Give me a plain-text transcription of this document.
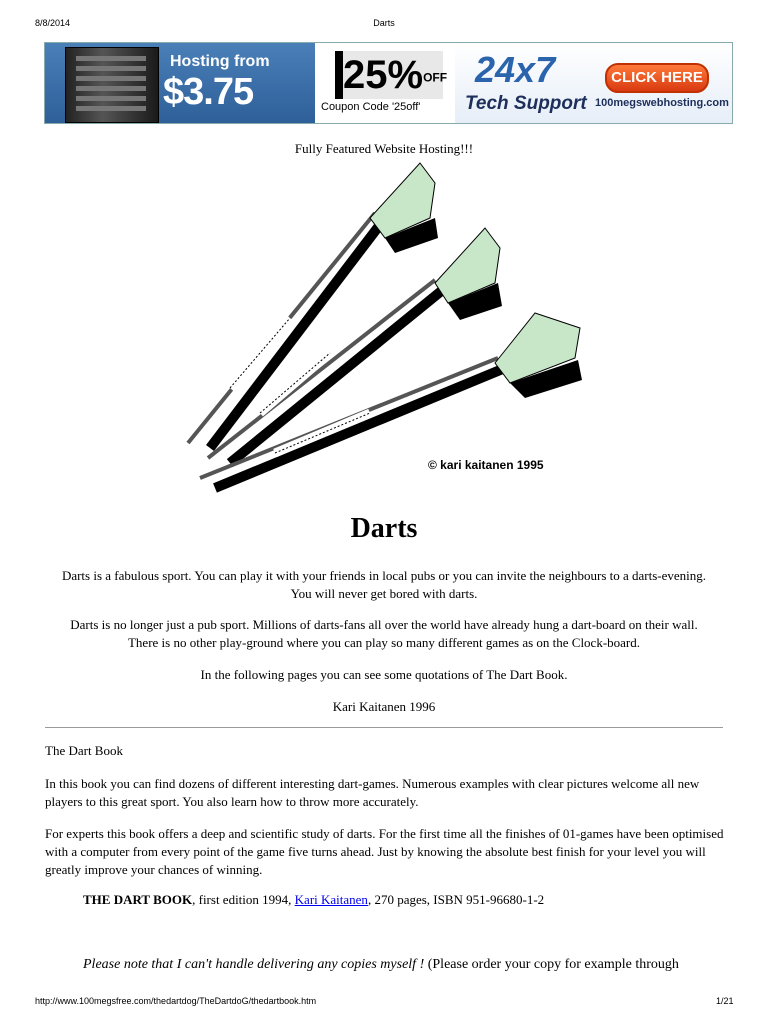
8/8/2014	Darts
Hosting from
$3.75 25%OFF
Coupon Code '25off'
24x7
Tech Support
CLICK HERE
100megswebhosting.com
Fully Featured Website Hosting!!!
© kari kaitanen 1995
Darts

Darts is a fabulous sport. You can play it with your friends in local pubs or you can invite the neighbours to a darts-evening. You will never get bored with darts.

Darts is no longer just a pub sport. Millions of darts-fans all over the world have already hung a dart-board on their wall. There is no other play-ground where you can play so many different games as on the Clock-board.

In the following pages you can see some quotations of The Dart Book.

Kari Kaitanen 1996

The Dart Book

In this book you can find dozens of different interesting dart-games. Numerous examples with clear pictures welcome all new players to this great sport. You also learn how to throw more accurately.

For experts this book offers a deep and scientific study of darts. For the first time all the finishes of 01-games have been optimised with a computer from every point of the game five turns ahead. Just by knowing the absolute best finish for your level you will greatly improve your chances of winning.

THE DART BOOK, first edition 1994, Kari Kaitanen, 270 pages, ISBN 951-96680-1-2
Please note that I can't handle delivering any copies myself ! (Please order your copy for example through
http://www.100megsfree.com/thedartdog/TheDartdoG/thedartbook.htm	1/21
